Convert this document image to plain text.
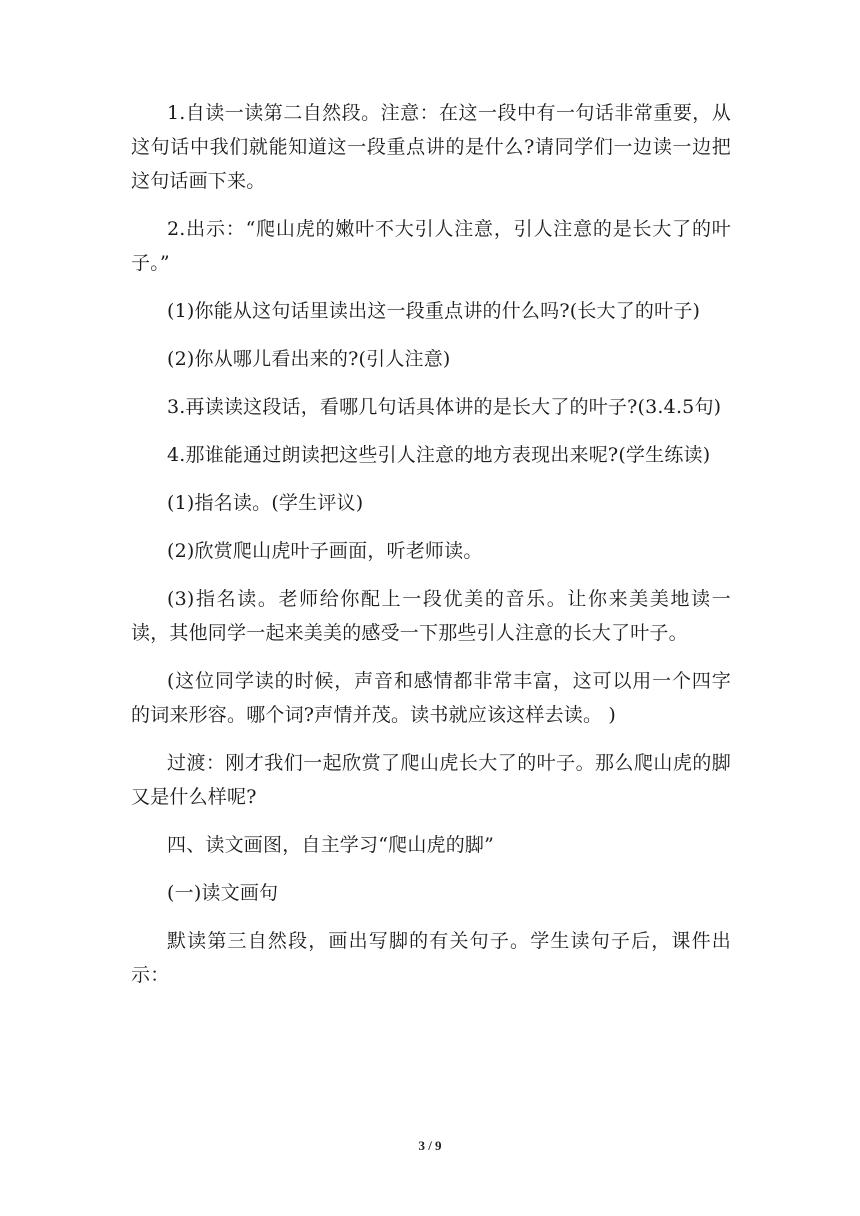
1.自读一读第二自然段。注意：在这一段中有一句话非常重要，从这句话中我们就能知道这一段重点讲的是什么?请同学们一边读一边把这句话画下来。

2.出示：“爬山虎的嫩叶不大引人注意，引人注意的是长大了的叶子。”

(1)你能从这句话里读出这一段重点讲的什么吗?(长大了的叶子)

(2)你从哪儿看出来的?(引人注意)

3.再读读这段话，看哪几句话具体讲的是长大了的叶子?(3.4.5句)

4.那谁能通过朗读把这些引人注意的地方表现出来呢?(学生练读)

(1)指名读。(学生评议)

(2)欣赏爬山虎叶子画面，听老师读。

(3)指名读。老师给你配上一段优美的音乐。让你来美美地读一读，其他同学一起来美美的感受一下那些引人注意的长大了叶子。

(这位同学读的时候，声音和感情都非常丰富，这可以用一个四字的词来形容。哪个词?声情并茂。读书就应该这样去读。 )

过渡：刚才我们一起欣赏了爬山虎长大了的叶子。那么爬山虎的脚又是什么样呢?

四、读文画图，自主学习“爬山虎的脚”

(一)读文画句

默读第三自然段，画出写脚的有关句子。学生读句子后，课件出示：

3 / 9
